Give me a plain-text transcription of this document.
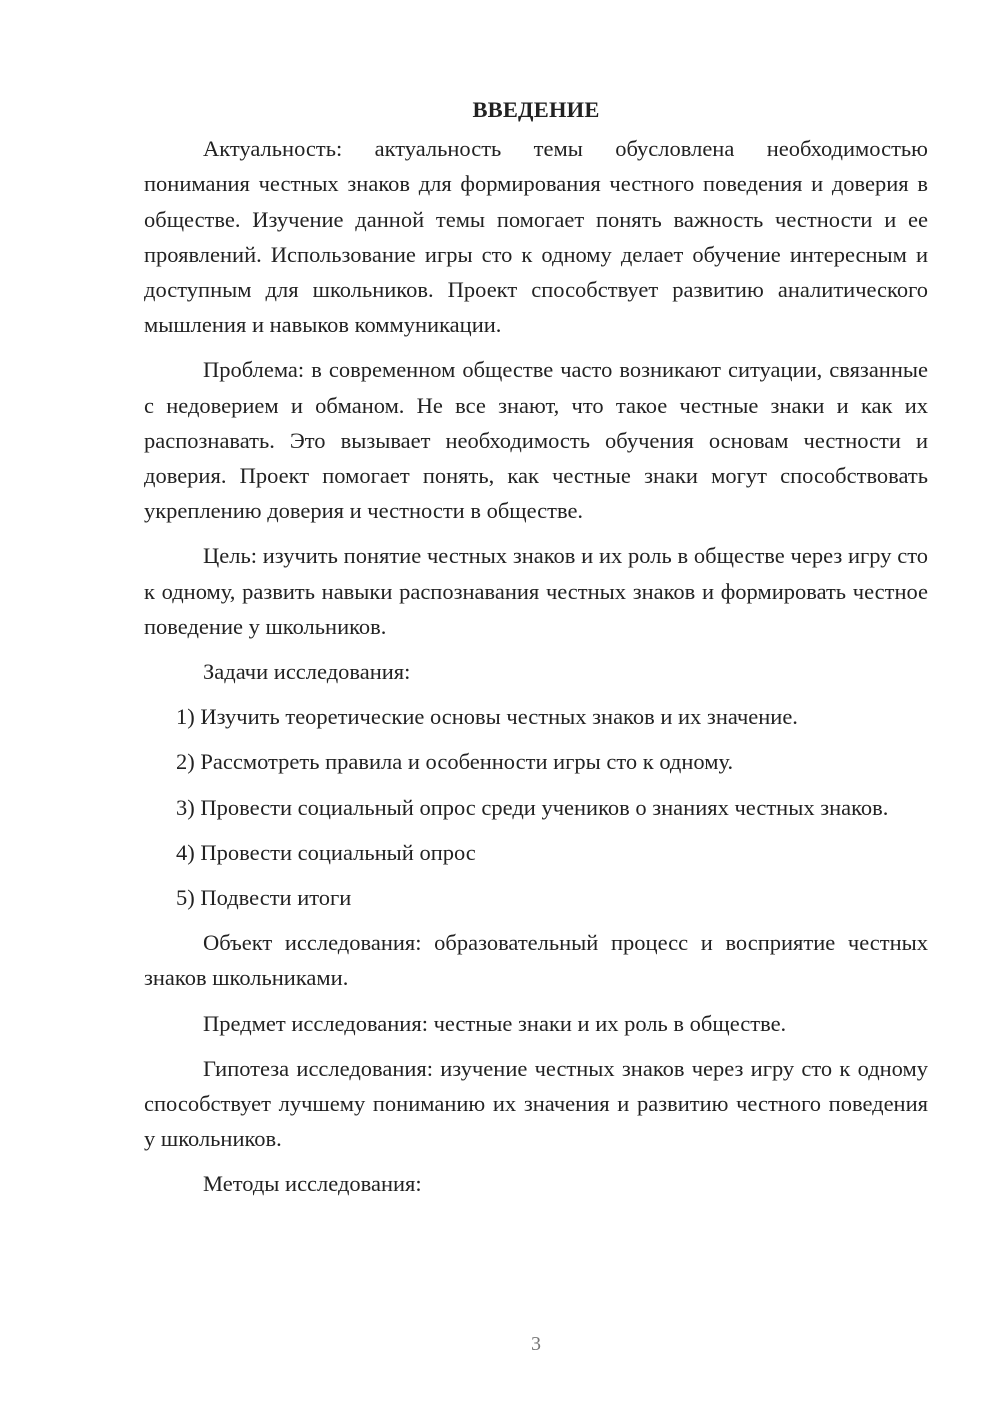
ВВЕДЕНИЕ

Актуальность: актуальность темы обусловлена необходимостью понимания честных знаков для формирования честного поведения и доверия в обществе. Изучение данной темы помогает понять важность честности и ее проявлений. Использование игры сто к одному делает обучение интересным и доступным для школьников. Проект способствует развитию аналитического мышления и навыков коммуникации.

Проблема: в современном обществе часто возникают ситуации, связанные с недоверием и обманом. Не все знают, что такое честные знаки и как их распознавать. Это вызывает необходимость обучения основам честности и доверия. Проект помогает понять, как честные знаки могут способствовать укреплению доверия и честности в обществе.

Цель: изучить понятие честных знаков и их роль в обществе через игру сто к одному, развить навыки распознавания честных знаков и формировать честное поведение у школьников.

Задачи исследования:

1) Изучить теоретические основы честных знаков и их значение.

2) Рассмотреть правила и особенности игры сто к одному.

3) Провести социальный опрос среди учеников о знаниях честных знаков.

4) Провести социальный опрос

5) Подвести итоги

Объект исследования: образовательный процесс и восприятие честных знаков школьниками.

Предмет исследования: честные знаки и их роль в обществе.

Гипотеза исследования: изучение честных знаков через игру сто к одному способствует лучшему пониманию их значения и развитию честного поведения у школьников.

Методы исследования:

3
